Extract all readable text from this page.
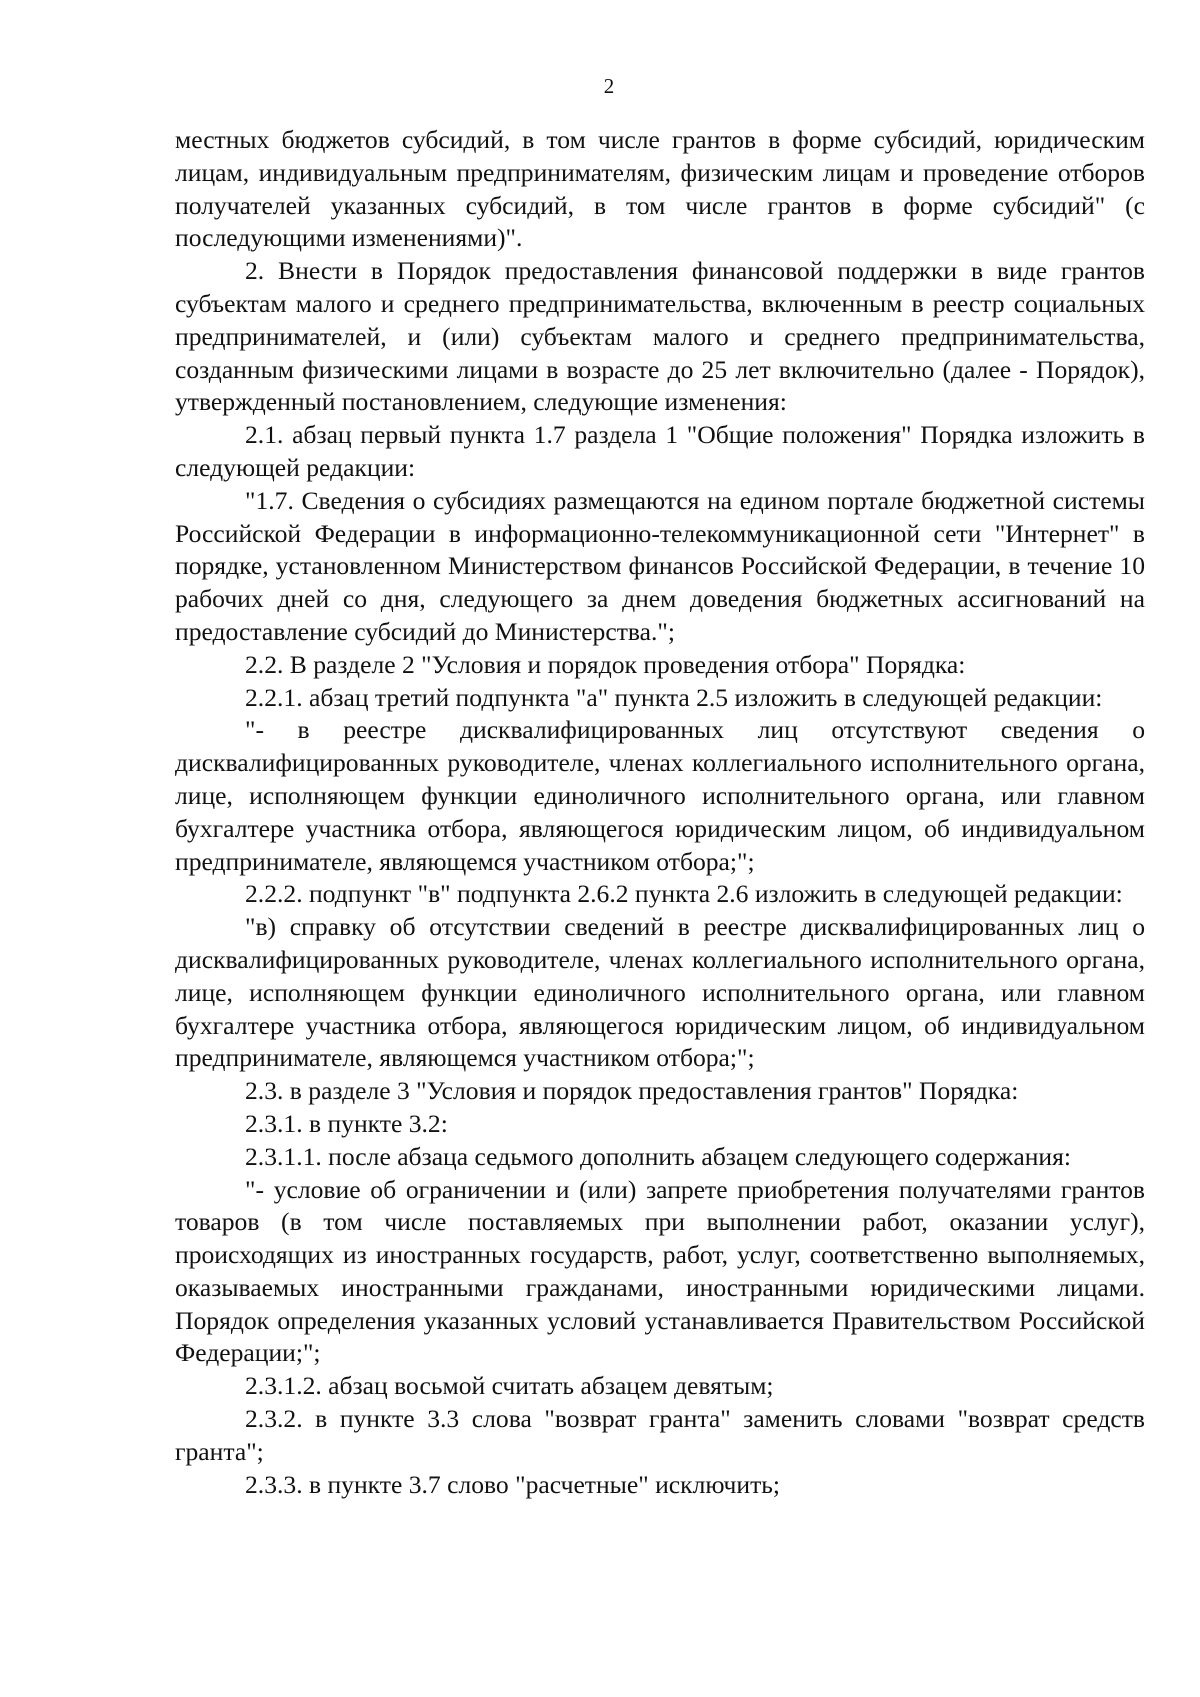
2

местных бюджетов субсидий, в том числе грантов в форме субсидий, юридическим лицам, индивидуальным предпринимателям, физическим лицам и проведение отборов получателей указанных субсидий, в том числе грантов в форме субсидий" (с последующими изменениями)".

2. Внести в Порядок предоставления финансовой поддержки в виде грантов субъектам малого и среднего предпринимательства, включенным в реестр социальных предпринимателей, и (или) субъектам малого и среднего предпринимательства, созданным физическими лицами в возрасте до 25 лет включительно (далее - Порядок), утвержденный постановлением, следующие изменения:

2.1. абзац первый пункта 1.7 раздела 1 "Общие положения" Порядка изложить в следующей редакции:

"1.7. Сведения о субсидиях размещаются на едином портале бюджетной системы Российской Федерации в информационно-телекоммуникационной сети "Интернет" в порядке, установленном Министерством финансов Российской Федерации, в течение 10 рабочих дней со дня, следующего за днем доведения бюджетных ассигнований на предоставление субсидий до Министерства.";

2.2. В разделе 2 "Условия и порядок проведения отбора" Порядка:

2.2.1. абзац третий подпункта "а" пункта 2.5 изложить в следующей редакции:

"- в реестре дисквалифицированных лиц отсутствуют сведения о дисквалифицированных руководителе, членах коллегиального исполнительного органа, лице, исполняющем функции единоличного исполнительного органа, или главном бухгалтере участника отбора, являющегося юридическим лицом, об индивидуальном предпринимателе, являющемся участником отбора;";

2.2.2. подпункт "в" подпункта 2.6.2 пункта 2.6 изложить в следующей редакции:

"в) справку об отсутствии сведений в реестре дисквалифицированных лиц о дисквалифицированных руководителе, членах коллегиального исполнительного органа, лице, исполняющем функции единоличного исполнительного органа, или главном бухгалтере участника отбора, являющегося юридическим лицом, об индивидуальном предпринимателе, являющемся участником отбора;";

2.3. в разделе 3 "Условия и порядок предоставления грантов" Порядка:

2.3.1. в пункте 3.2:

2.3.1.1. после абзаца седьмого дополнить абзацем следующего содержания:

"- условие об ограничении и (или) запрете приобретения получателями грантов товаров (в том числе поставляемых при выполнении работ, оказании услуг), происходящих из иностранных государств, работ, услуг, соответственно выполняемых, оказываемых иностранными гражданами, иностранными юридическими лицами. Порядок определения указанных условий устанавливается Правительством Российской Федерации;";

2.3.1.2. абзац восьмой считать абзацем девятым;

2.3.2. в пункте 3.3 слова "возврат гранта" заменить словами "возврат средств гранта";

2.3.3. в пункте 3.7 слово "расчетные" исключить;
